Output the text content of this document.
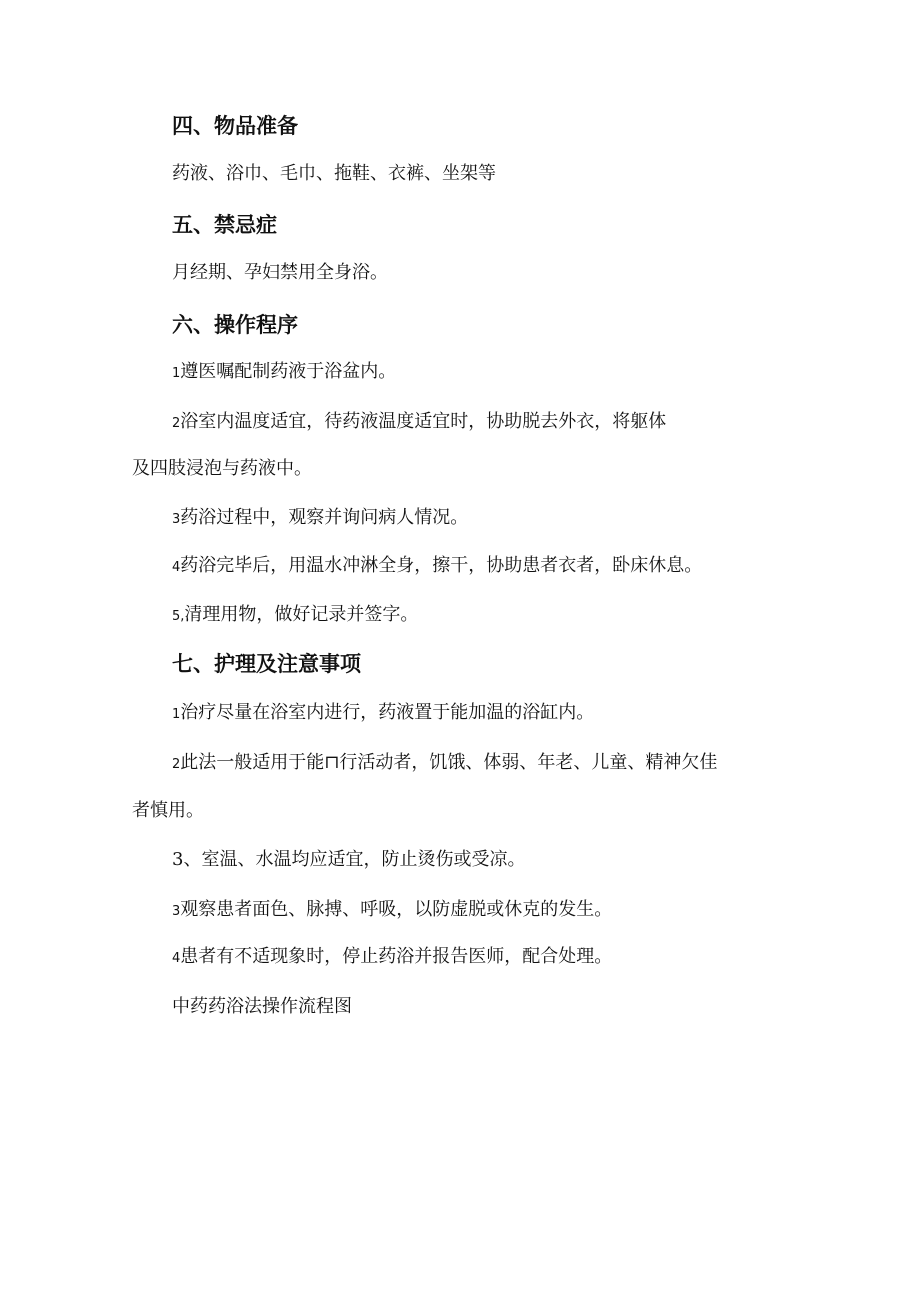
四、物品准备

药液、浴巾、毛巾、拖鞋、衣裤、坐架等

五、禁忌症

月经期、孕妇禁用全身浴。

六、操作程序

1遵医嘱配制药液于浴盆内。

2浴室内温度适宜，待药液温度适宜时，协助脱去外衣，将躯体

及四肢浸泡与药液中。

3药浴过程中，观察并询问病人情况。

4药浴完毕后，用温水冲淋全身，擦干，协助患者衣者，卧床休息。

5,清理用物，做好记录并签字。

七、护理及注意事项

1治疗尽量在浴室内进行，药液置于能加温的浴缸内。

2此法一般适用于能⊓行活动者，饥饿、体弱、年老、儿童、精神欠佳

者慎用。

3、室温、水温均应适宜，防止烫伤或受凉。

3观察患者面色、脉搏、呼吸，以防虚脱或休克的发生。

4患者有不适现象时，停止药浴并报告医师，配合处理。

中药药浴法操作流程图
